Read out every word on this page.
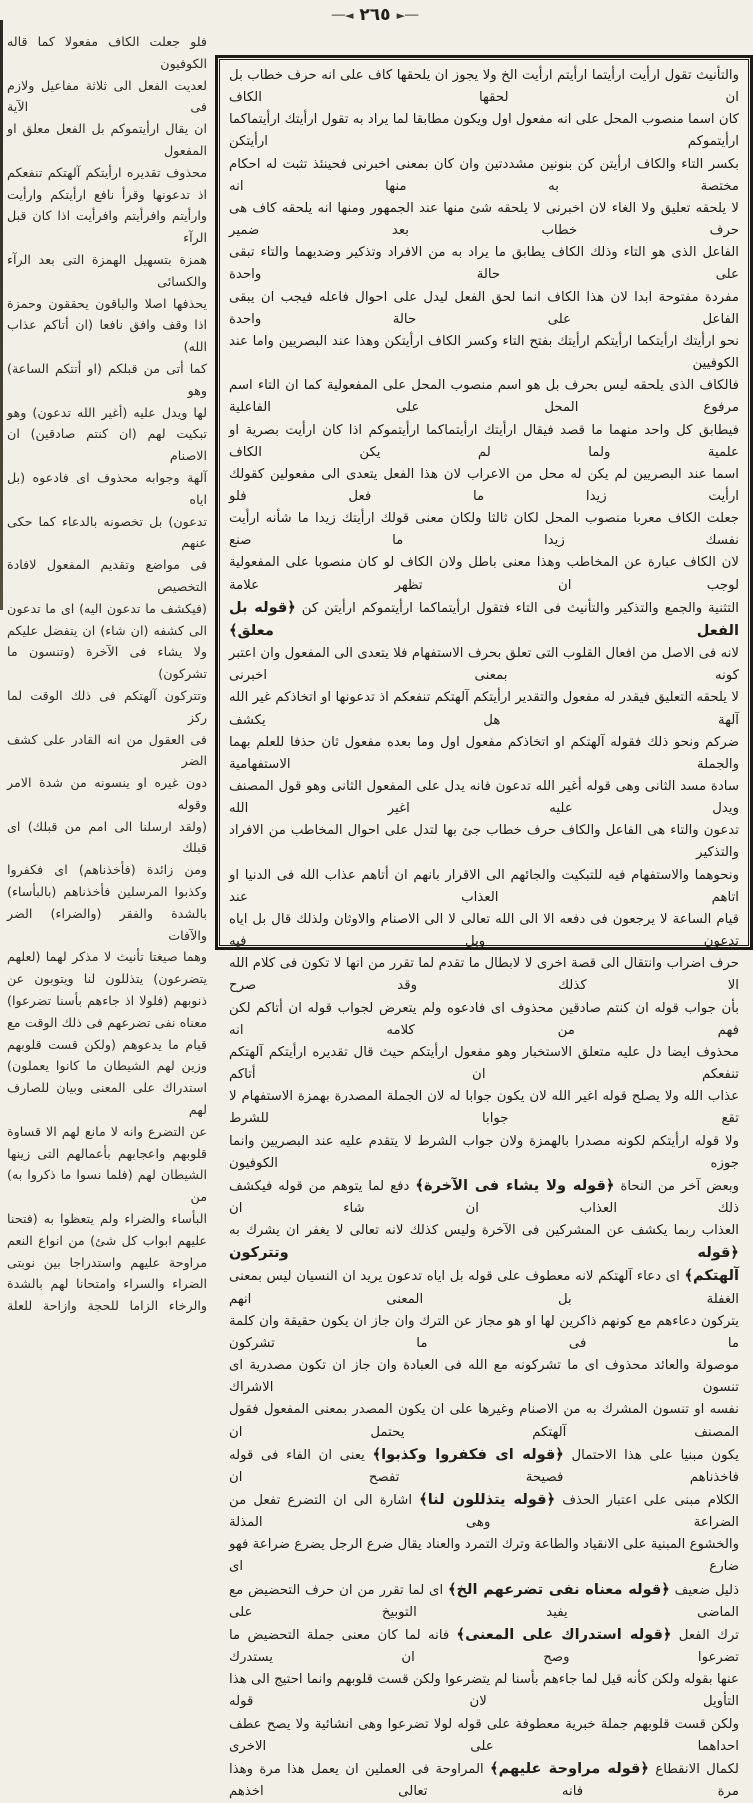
──◄ ٢٦٥ ►──
فلو جعلت الكاف مفعولا كما قاله الكوفيون
لعديت الفعل الى ثلاثة مفاعيل ولازم فى الآية
ان يقال ارأيتموكم بل الفعل معلق او المفعول
محذوف تقديره ارأيتكم آلهتكم تنفعكم
اذ تدعونها وقرأ نافع ارأيتكم وارأيت
وارأيتم وافرأيتم وافرأيت اذا كان قبل الرآء
همزة بتسهيل الهمزة التى بعد الرآء والكسائى
يحذفها اصلا والباقون يحققون وحمزة
اذا وقف وافق نافعا (ان أتاكم عذاب الله)
كما أتى من قبلكم (او أتتكم الساعة) وهو
لها ويدل عليه (أغير الله تدعون) وهو
تبكيت لهم (ان كنتم صادقين) ان الاصنام
آلهة وجوابه محذوف اى فادعوه (بل اياه
تدعون) بل تخصونه بالدعاء كما حكى عنهم
فى مواضع وتقديم المفعول لافادة التخصيص
(فيكشف ما تدعون اليه) اى ما تدعون
الى كشفه (ان شاء) ان يتفضل عليكم
ولا يشاء فى الآخرة (وتنسون ما تشركون)
وتتركون آلهتكم فى ذلك الوقت لما ركز
فى العقول من انه القادر على كشف الضر
دون غيره او ينسونه من شدة الامر وقوله
(ولقد ارسلنا الى امم من قبلك) اى قبلك
ومن زائدة (فأخذناهم) اى فكفروا
وكذبوا المرسلين فأخذناهم (بالبأساء)
بالشدة والفقر (والضراء) الضر والآفات
وهما صيغتا تأنيث لا مذكر لهما (لعلهم
يتضرعون) يتذللون لنا ويتوبون عن
ذنوبهم (فلولا اذ جاءهم بأسنا تضرعوا)
معناه نفى تضرعهم فى ذلك الوقت مع
قيام ما يدعوهم (ولكن قست قلوبهم
وزين لهم الشيطان ما كانوا يعملون)
استدراك على المعنى وبيان للصارف لهم
عن التضرع وانه لا مانع لهم الا قساوة
قلوبهم واعجابهم بأعمالهم التى زينها
الشيطان لهم (فلما نسوا ما ذكروا به) من
البأساء والضراء ولم يتعظوا به (فتحنا
عليهم ابواب كل شئ) من انواع النعم
مراوحة عليهم واستدراجا بين نوبتى
الضراء والسراء وامتحانا لهم بالشدة
والرخاء الزاما للحجة وازاحة للعلة
والتأنيث تقول ارأيت ارأيتما ارأيتم ارأيت الخ ولا يجوز ان يلحقها كاف على انه حرف خطاب بل ان لحقها الكاف
كان اسما منصوب المحل على انه مفعول اول ويكون مطابقا لما يراد به تقول ارأيتك ارأيتماكما ارأيتموكم ارأيتكن
بكسر التاء والكاف ارأيتن كن بنونين مشددتين وان كان بمعنى اخبرنى فحينئذ تثبت له احكام مختصة به منها انه
لا يلحقه تعليق ولا الغاء لان اخبرنى لا يلحقه شئ منها عند الجمهور ومنها انه يلحقه كاف هى حرف خطاب بعد ضمير
الفاعل الذى هو التاء وذلك الكاف يطابق ما يراد به من الافراد وتذكير وضديهما والتاء تبقى على حالة واحدة
مفردة مفتوحة ابدا لان هذا الكاف انما لحق الفعل ليدل على احوال فاعله فيجب ان يبقى الفاعل على حالة واحدة
نحو ارأيتك ارأيتكما ارأيتكم ارأيتك بفتح التاء وكسر الكاف ارأيتكن وهذا عند البصريين واما عند الكوفيين
فالكاف الذى يلحقه ليس بحرف بل هو اسم منصوب المحل على المفعولية كما ان التاء اسم مرفوع المحل على الفاعلية
فيطابق كل واحد منهما ما قصد فيقال ارأيتك ارأيتماكما ارأيتموكم اذا كان ارأيت بصرية او علمية ولما لم يكن الكاف
اسما عند البصريين لم يكن له محل من الاعراب لان هذا الفعل يتعدى الى مفعولين كقولك ارأيت زيدا ما فعل فلو
جعلت الكاف معربا منصوب المحل لكان ثالثا ولكان معنى قولك ارأيتك زيدا ما شأنه ارأيت نفسك زيدا ما صنع
لان الكاف عبارة عن المخاطب وهذا معنى باطل ولان الكاف لو كان منصوبا على المفعولية لوجب ان تظهر علامة
التثنية والجمع والتذكير والتأنيث فى التاء فتقول ارأيتماكما ارأيتموكم ارأيتن كن ﴿قوله بل الفعل معلق﴾
لانه فى الاصل من افعال القلوب التى تعلق بحرف الاستفهام فلا يتعدى الى المفعول وان اعتبر كونه بمعنى اخبرنى
لا يلحقه التعليق فيقدر له مفعول والتقدير ارأيتكم آلهتكم تنفعكم اذ تدعونها او اتخاذكم غير الله آلهة هل يكشف
ضركم ونحو ذلك فقوله آلهتكم او اتخاذكم مفعول اول وما بعده مفعول ثان حذفا للعلم بهما والجملة الاستفهامية
سادة مسد الثانى وهى قوله أغير الله تدعون فانه يدل على المفعول الثانى وهو قول المصنف ويدل عليه اغير الله
تدعون والتاء هى الفاعل والكاف حرف خطاب جئ بها لتدل على احوال المخاطب من الافراد والتذكير
ونحوهما والاستفهام فيه للتبكيت والجائهم الى الاقرار بانهم ان أتاهم عذاب الله فى الدنيا او اتاهم العذاب عند
قيام الساعة لا يرجعون فى دفعه الا الى الله تعالى لا الى الاصنام والاوثان ولذلك قال بل اياه تدعون وبل فيه
حرف اضراب وانتقال الى قصة اخرى لا لابطال ما تقدم لما تقرر من انها لا تكون فى كلام الله الا كذلك وقد صرح
بأن جواب قوله ان كنتم صادقين محذوف اى فادعوه ولم يتعرض لجواب قوله ان أتاكم لكن فهم من كلامه انه
محذوف ايضا دل عليه متعلق الاستخبار وهو مفعول ارأيتكم حيث قال تقديره ارأيتكم آلهتكم تنفعكم ان أتاكم
عذاب الله ولا يصلح قوله اغير الله لان يكون جوابا له لان الجملة المصدرة بهمزة الاستفهام لا تقع جوابا للشرط
ولا قوله ارأيتكم لكونه مصدرا بالهمزة ولان جواب الشرط لا يتقدم عليه عند البصريين وانما جوزه الكوفيون
وبعض آخر من النحاة ﴿قوله ولا يشاء فى الآخرة﴾ دفع لما يتوهم من قوله فيكشف ذلك العذاب ان شاء ان
العذاب ربما يكشف عن المشركين فى الآخرة وليس كذلك لانه تعالى لا يغفر ان يشرك به ﴿قوله وتتركون
آلهتكم﴾ اى دعاء آلهتكم لانه معطوف على قوله بل اياه تدعون يريد ان النسيان ليس بمعنى الغفلة بل المعنى انهم
يتركون دعاءهم مع كونهم ذاكرين لها او هو مجاز عن الترك وان جاز ان يكون حقيقة وان كلمة ما فى ما تشركون
موصولة والعائد محذوف اى ما تشركونه مع الله فى العبادة وان جاز ان تكون مصدرية اى تنسون الاشراك
نفسه او تنسون المشرك به من الاصنام وغيرها على ان يكون المصدر بمعنى المفعول فقول المصنف آلهتكم يحتمل ان
يكون مبنيا على هذا الاحتمال ﴿قوله اى فكفروا وكذبوا﴾ يعنى ان الفاء فى قوله فاخذناهم فصيحة تفصح ان
الكلام مبنى على اعتبار الحذف ﴿قوله يتذللون لنا﴾ اشارة الى ان التضرع تفعل من الضراعة وهى المذلة
والخشوع المبنية على الانقياد والطاعة وترك التمرد والعناد يقال ضرع الرجل يضرع ضراعة فهو ضارع اى
ذليل ضعيف ﴿قوله معناه نفى تضرعهم الخ﴾ اى لما تقرر من ان حرف التحضيض مع الماضى يفيد التوبيخ على
ترك الفعل ﴿قوله استدراك على المعنى﴾ فانه لما كان معنى جملة التحضيض ما تضرعوا وصح ان يستدرك
عنها بقوله ولكن كأنه قيل لما جاءهم بأسنا لم يتضرعوا ولكن قست قلوبهم وانما احتيج الى هذا التأويل لان قوله
ولكن قست قلوبهم جملة خبرية معطوفة على قوله لولا تضرعوا وهى انشائية ولا يصح عطف احداهما على الاخرى
لكمال الانقطاع ﴿قوله مراوحة عليهم﴾ المراوحة فى العملين ان يعمل هذا مرة وهذا مرة فانه تعالى اخذهم
